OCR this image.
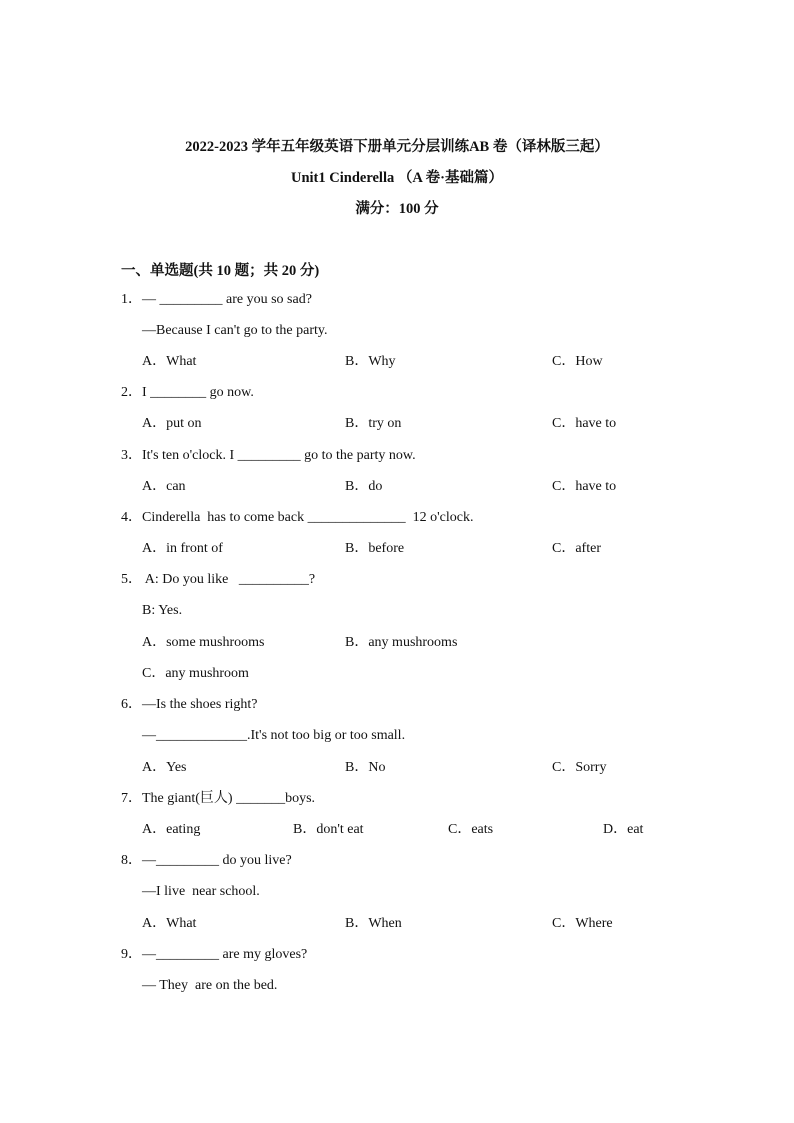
2022-2023 学年五年级英语下册单元分层训练AB 卷（译林版三起）
Unit1 Cinderella （A 卷·基础篇）
满分：100 分
一、单选题(共 10 题；共 20 分)
1．— _________ are you so sad?
—Because I can't go to the party.
A．What	B．Why	C．How
2．I ________ go now.
A．put on	B．try on	C．have to
3．It's ten o'clock. I _________ go to the party now.
A．can	B．do	C．have to
4．Cinderella  has to come back ______________  12 o'clock.
A．in front of	B．before	C．after
5． A: Do you like   __________?
B: Yes.
A．some mushrooms	B．any mushrooms
C．any mushroom
6．—Is the shoes right?
—_____________.It's not too big or too small.
A．Yes	B．No	C．Sorry
7．The giant(巨人) _______boys.
A．eating	B．don't eat	C．eats	D．eat
8．—_________ do you live?
—I live  near school.
A．What	B．When	C．Where
9．—_________ are my gloves?
— They  are on the bed.
